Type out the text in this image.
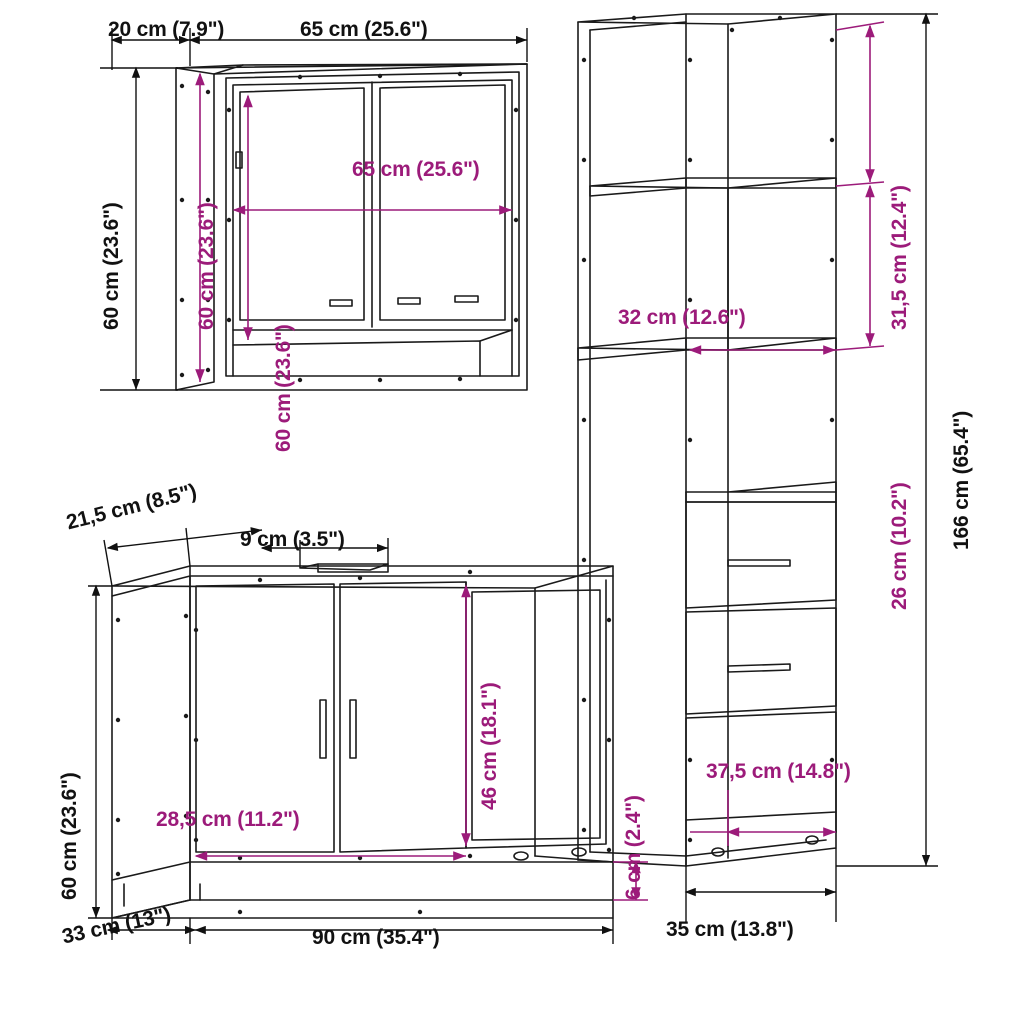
20 cm (7.9")	65 cm (25.6")
60 cm (23.6")	60 cm (23.6")
65 cm (25.6")
60 cm (23.6")
166 cm (65.4")
31,5 cm (12.4")
26 cm (10.2")
32 cm (12.6")
37,5 cm (14.8")
35 cm (13.8")
21,5 cm (8.5")
9 cm (3.5")
60 cm (23.6")
46 cm (18.1")
28,5 cm (11.2")	6 cm (2.4")
33 cm (13")	90 cm (35.4")
